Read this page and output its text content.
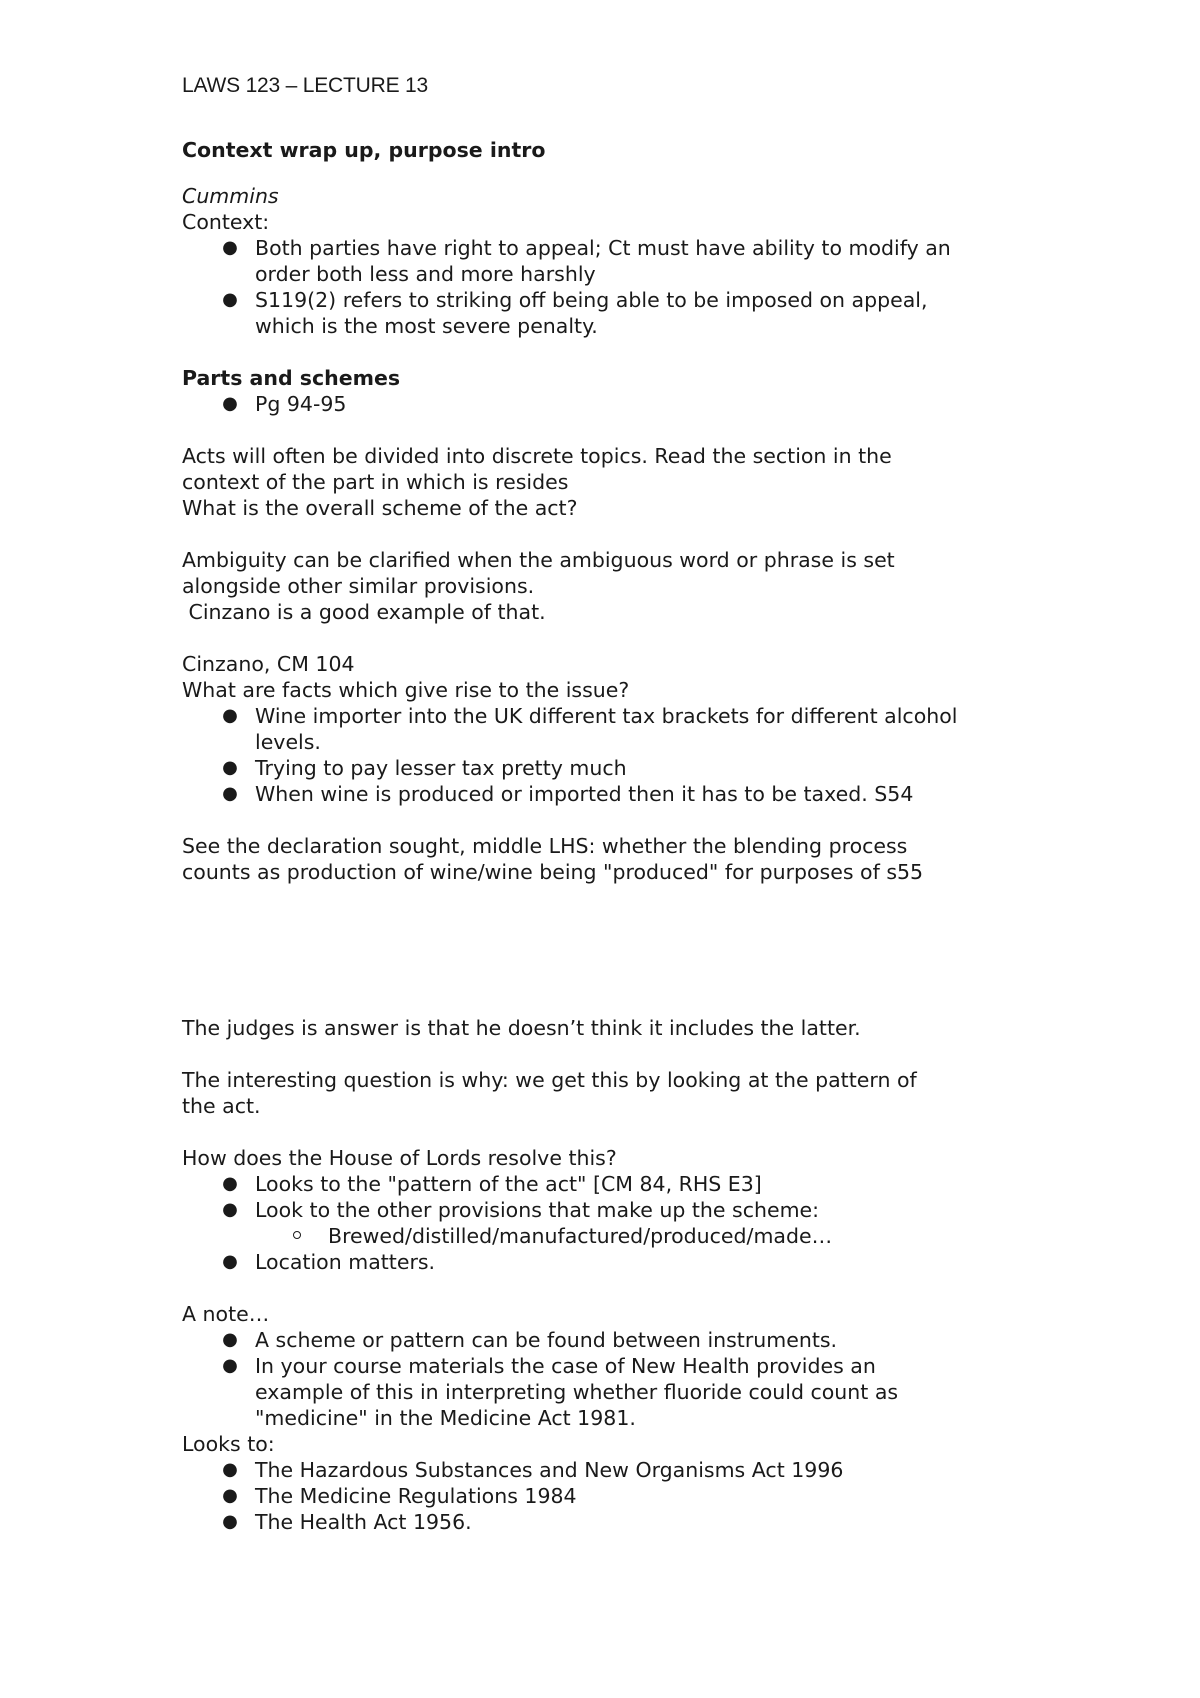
LAWS 123 – LECTURE 13
Context wrap up, purpose intro
Cummins
Context:
● Both parties have right to appeal; Ct must have ability to modify an
order both less and more harshly
● S119(2) refers to striking off being able to be imposed on appeal,
which is the most severe penalty.
Parts and schemes
● Pg 94-95
Acts will often be divided into discrete topics. Read the section in the
context of the part in which is resides
What is the overall scheme of the act?
Ambiguity can be clarified when the ambiguous word or phrase is set
alongside other similar provisions.
Cinzano is a good example of that.
Cinzano, CM 104
What are facts which give rise to the issue?
● Wine importer into the UK different tax brackets for different alcohol
levels.
● Trying to pay lesser tax pretty much
● When wine is produced or imported then it has to be taxed. S54
See the declaration sought, middle LHS: whether the blending process
counts as production of wine/wine being "produced" for purposes of s55
The judges is answer is that he doesn’t think it includes the latter.
The interesting question is why: we get this by looking at the pattern of
the act.
How does the House of Lords resolve this?
● Looks to the "pattern of the act" [CM 84, RHS E3]
● Look to the other provisions that make up the scheme:
Brewed/distilled/manufactured/produced/made…
● Location matters.
A note…
● A scheme or pattern can be found between instruments.
● In your course materials the case of New Health provides an
example of this in interpreting whether fluoride could count as
"medicine" in the Medicine Act 1981.
Looks to:
● The Hazardous Substances and New Organisms Act 1996
● The Medicine Regulations 1984
● The Health Act 1956.
